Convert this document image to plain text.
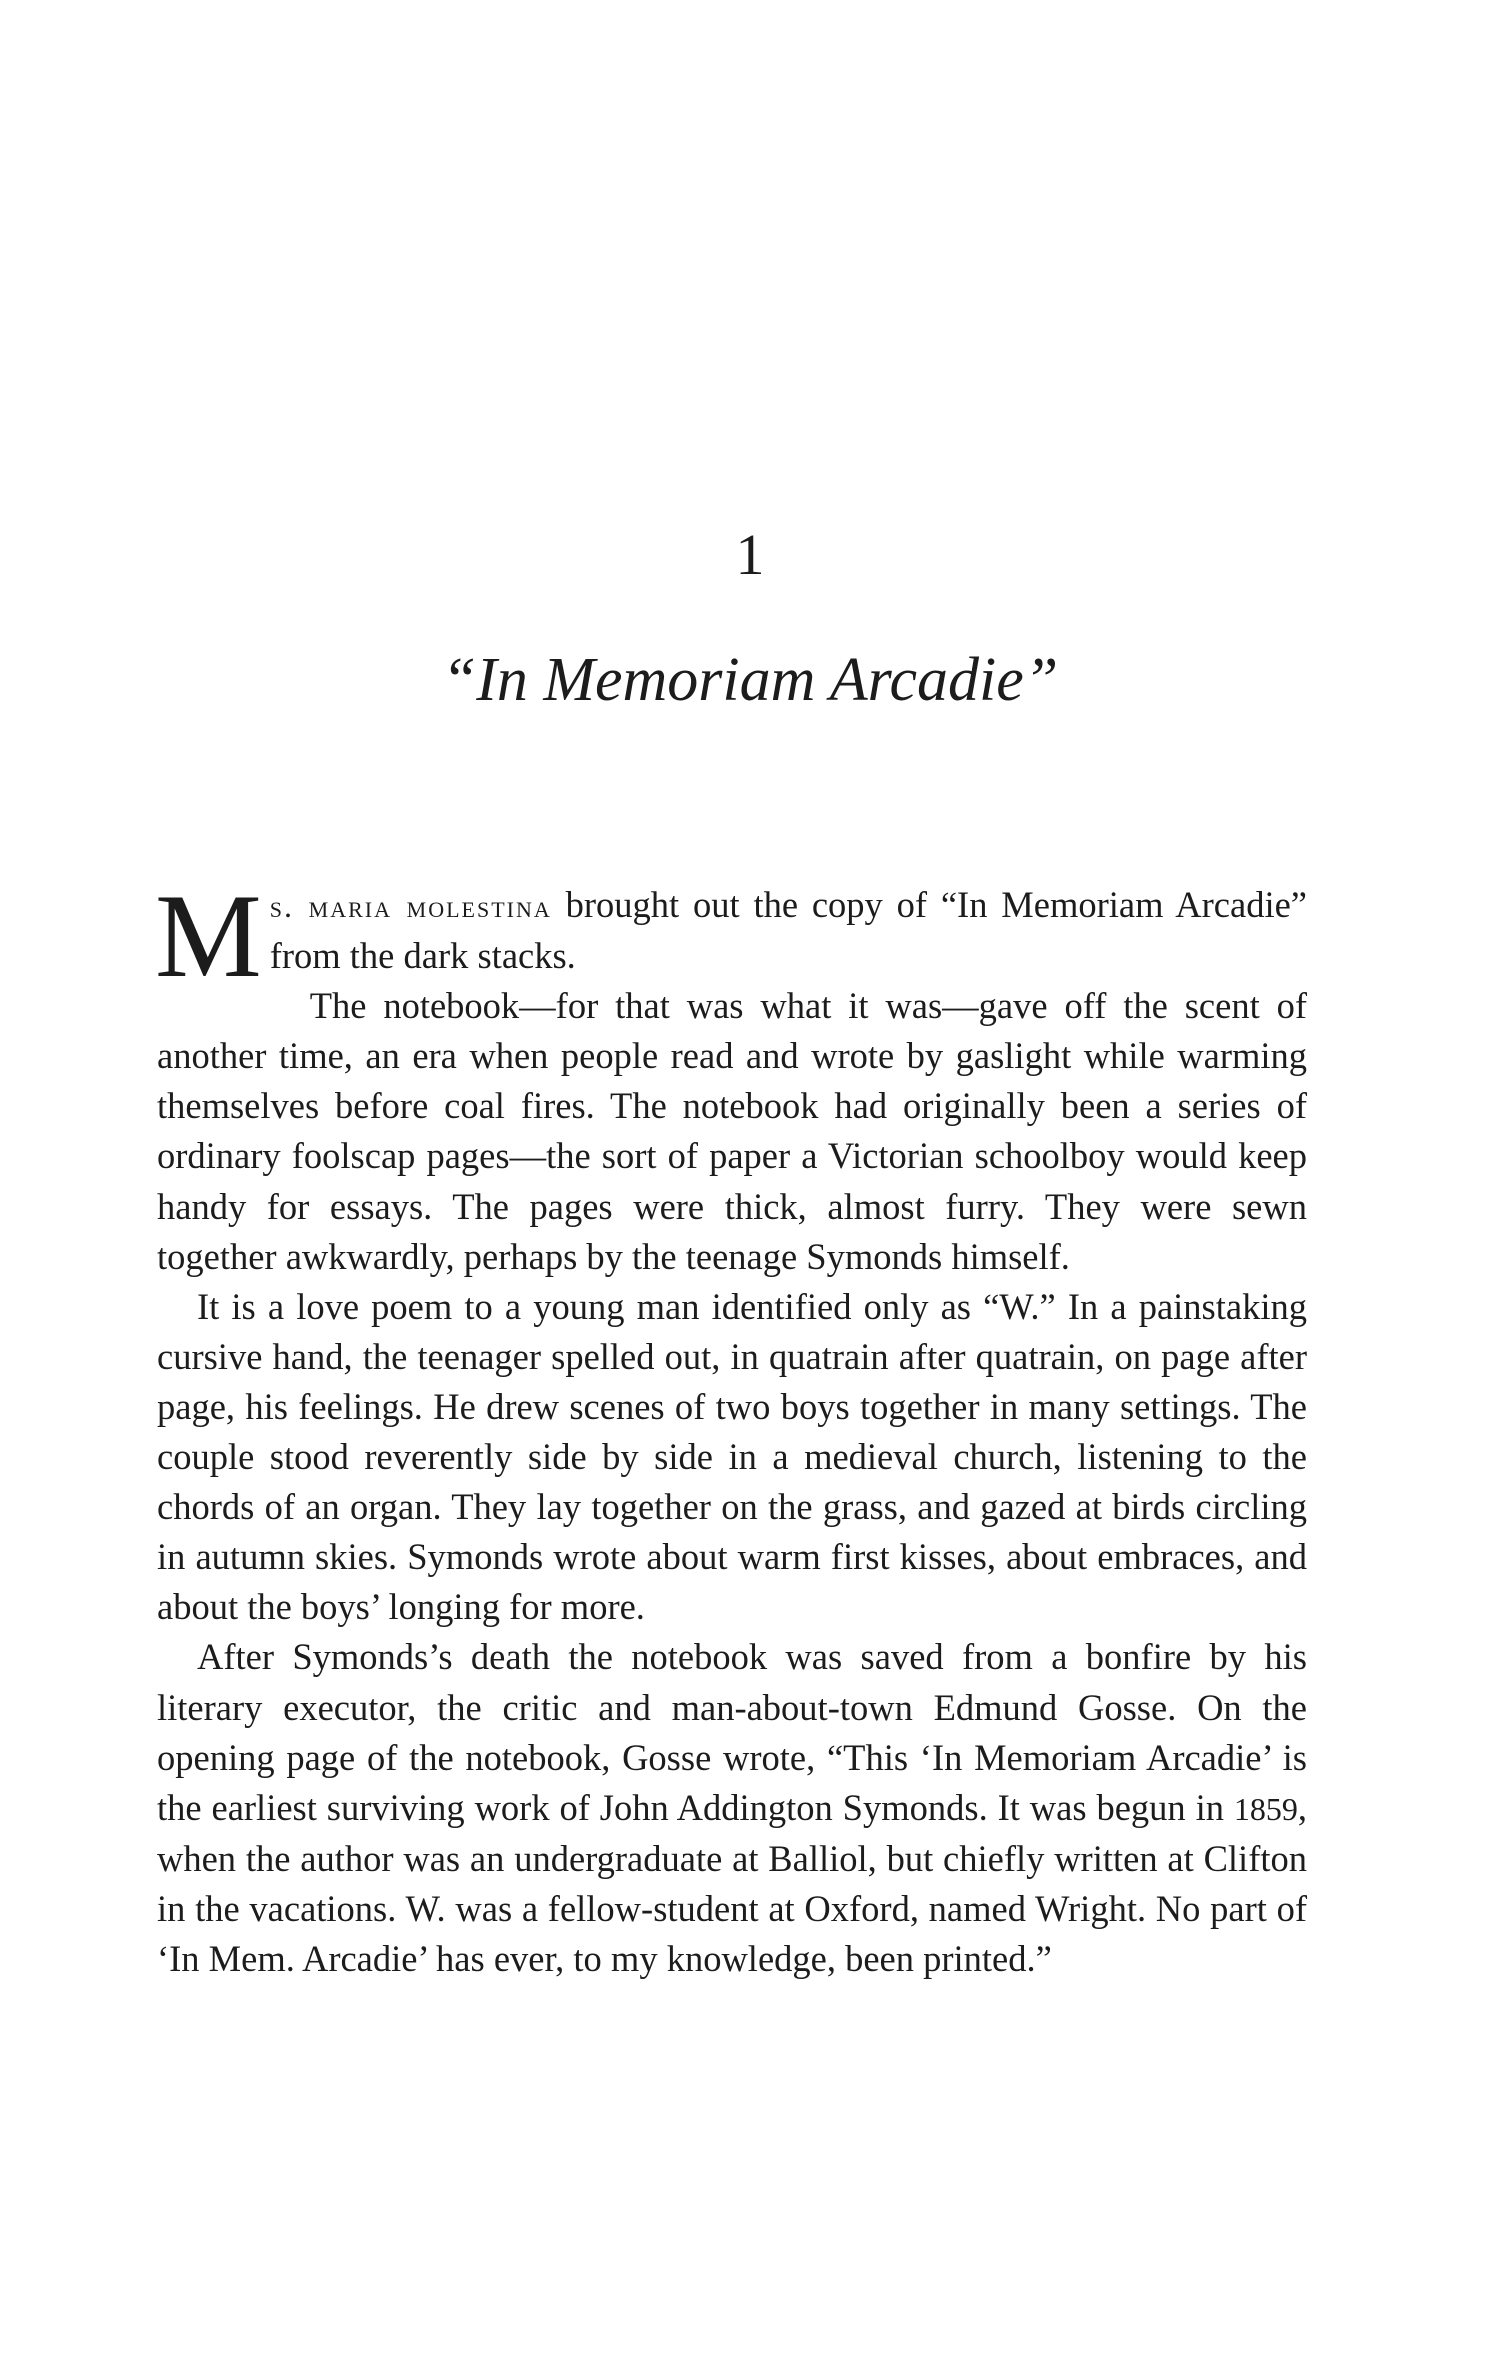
1
“In Memoriam Arcadie”

M s. maria molestina brought out the copy of “In Memoriam Arcadie” from the dark stacks.

The notebook—for that was what it was—gave off the scent of another time, an era when people read and wrote by gaslight while warming themselves before coal fires. The notebook had originally been a series of ordinary foolscap pages—the sort of paper a Victorian schoolboy would keep handy for essays. The pages were thick, almost furry. They were sewn together awkwardly, perhaps by the teenage Symonds himself.

It is a love poem to a young man identified only as “W.” In a painstaking cursive hand, the teenager spelled out, in quatrain after quatrain, on page after page, his feelings. He drew scenes of two boys together in many settings. The couple stood reverently side by side in a medieval church, listening to the chords of an organ. They lay together on the grass, and gazed at birds circling in autumn skies. Symonds wrote about warm first kisses, about embraces, and about the boys’ longing for more.

After Symonds’s death the notebook was saved from a bonfire by his literary executor, the critic and man-about-town Edmund Gosse. On the opening page of the notebook, Gosse wrote, “This ‘In Memoriam Arcadie’ is the earliest surviving work of John Addington Symonds. It was begun in 1859, when the author was an undergraduate at Balliol, but chiefly written at Clifton in the vacations. W. was a fellow-student at Oxford, named Wright. No part of ‘In Mem. Arcadie’ has ever, to my knowledge, been printed.”
